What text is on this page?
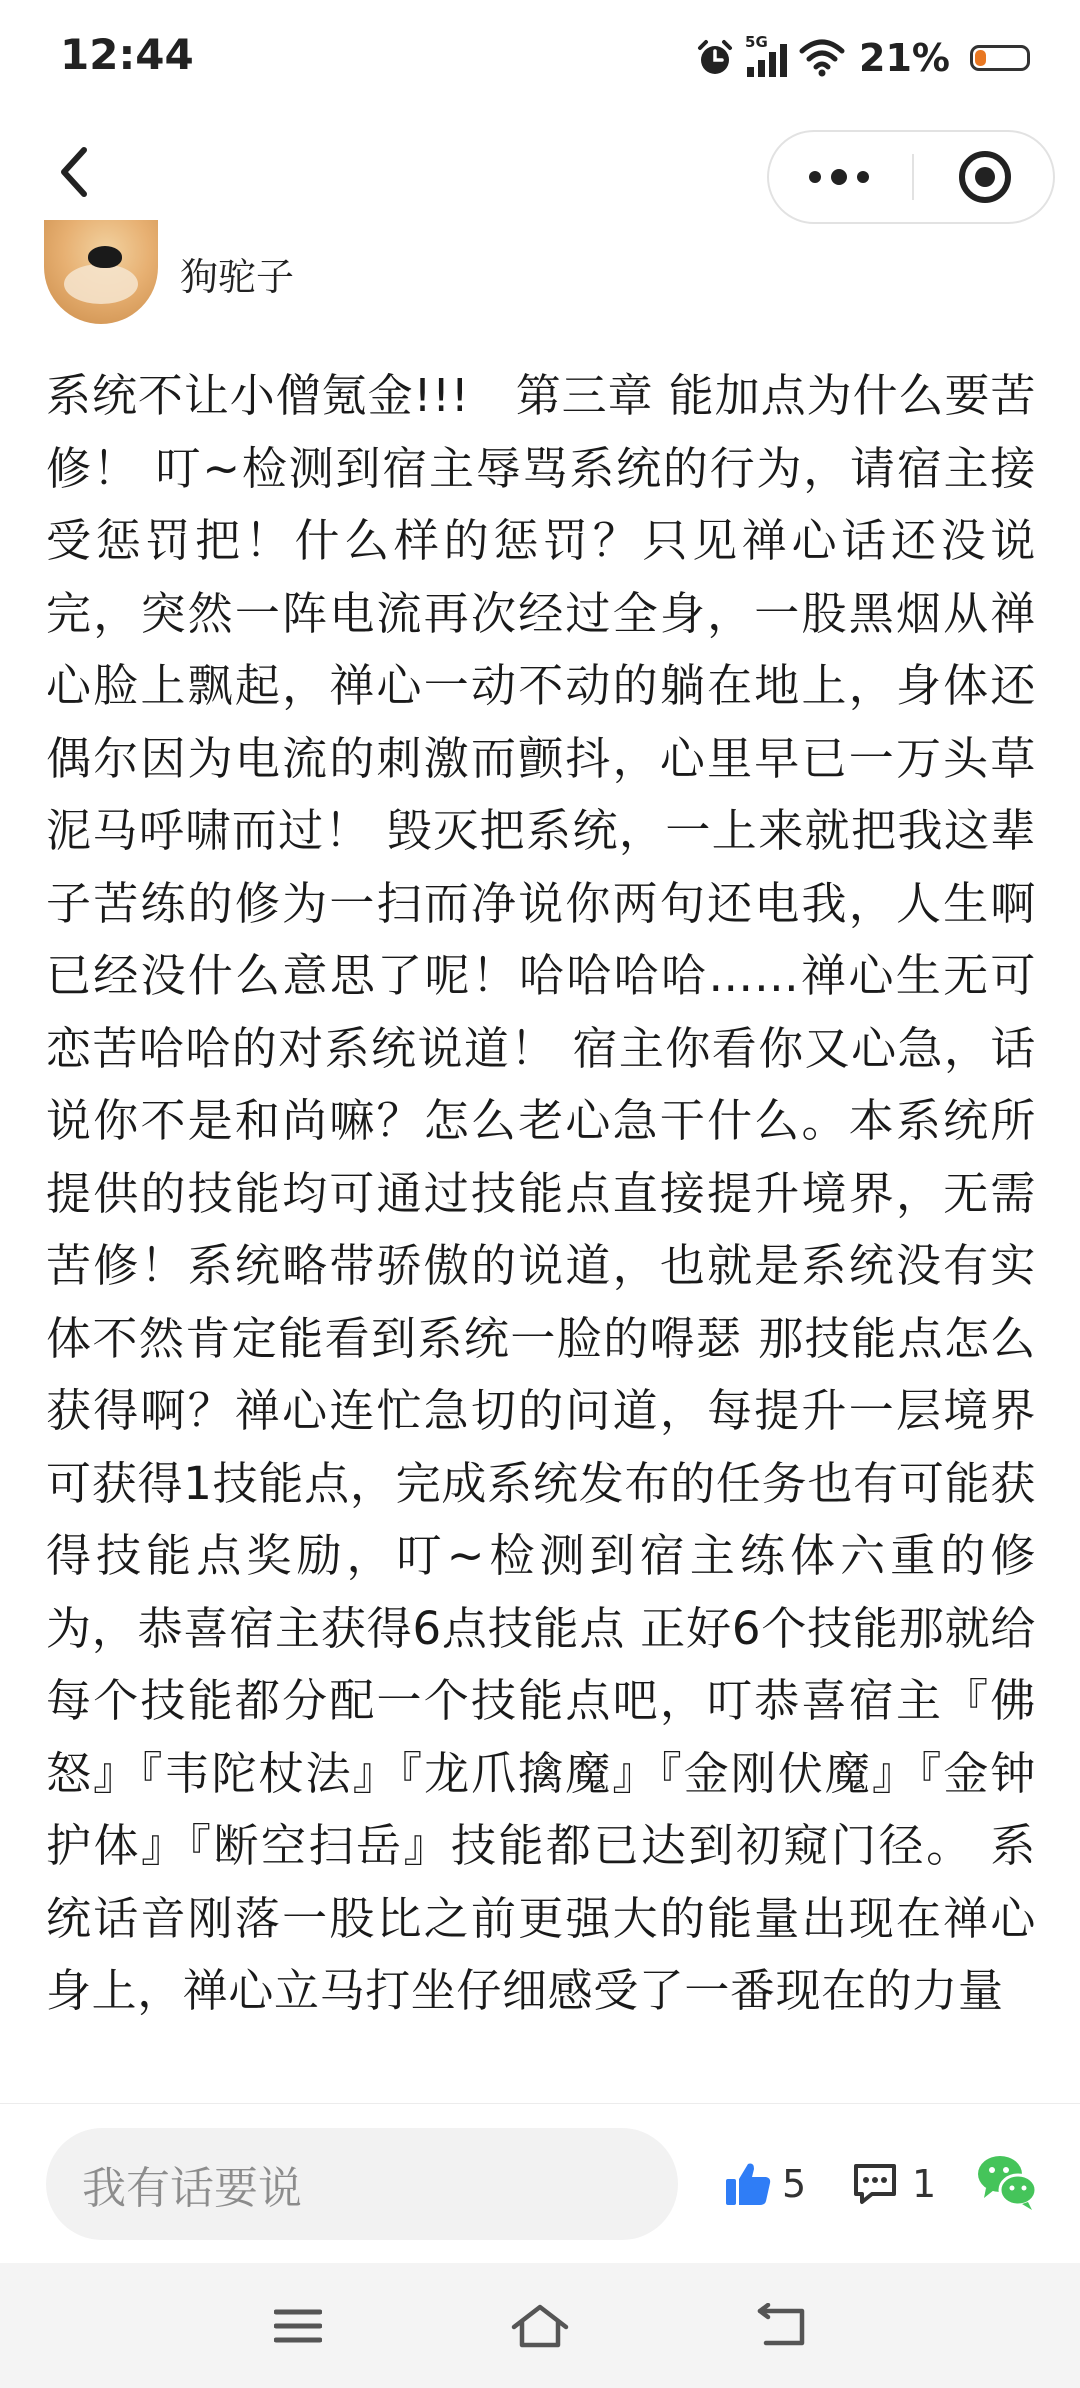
12:44	5G 21%
狗驼子

系统不让小僧氪金!!!　第三章 能加点为什么要苦修！ 叮~检测到宿主辱骂系统的行为，请宿主接受惩罚把！什么样的惩罚？只见禅心话还没说完，突然一阵电流再次经过全身，一股黑烟从禅心脸上飘起，禅心一动不动的躺在地上，身体还偶尔因为电流的刺激而颤抖，心里早已一万头草泥马呼啸而过！ 毁灭把系统，一上来就把我这辈子苦练的修为一扫而净说你两句还电我，人生啊已经没什么意思了呢！哈哈哈哈……禅心生无可恋苦哈哈的对系统说道！ 宿主你看你又心急，话说你不是和尚嘛？怎么老心急干什么。本系统所提供的技能均可通过技能点直接提升境界，无需苦修！系统略带骄傲的说道，也就是系统没有实体不然肯定能看到系统一脸的嘚瑟 那技能点怎么获得啊？禅心连忙急切的问道，每提升一层境界可获得1技能点，完成系统发布的任务也有可能获得技能点奖励，叮~检测到宿主练体六重的修为，恭喜宿主获得6点技能点 正好6个技能那就给每个技能都分配一个技能点吧，叮恭喜宿主『佛怒』『韦陀杖法』『龙爪擒魔』『金刚伏魔』『金钟护体』『断空扫岳』技能都已达到初窥门径。 系统话音刚落一股比之前更强大的能量出现在禅心身上，禅心立马打坐仔细感受了一番现在的力量

我有话要说	5	1
